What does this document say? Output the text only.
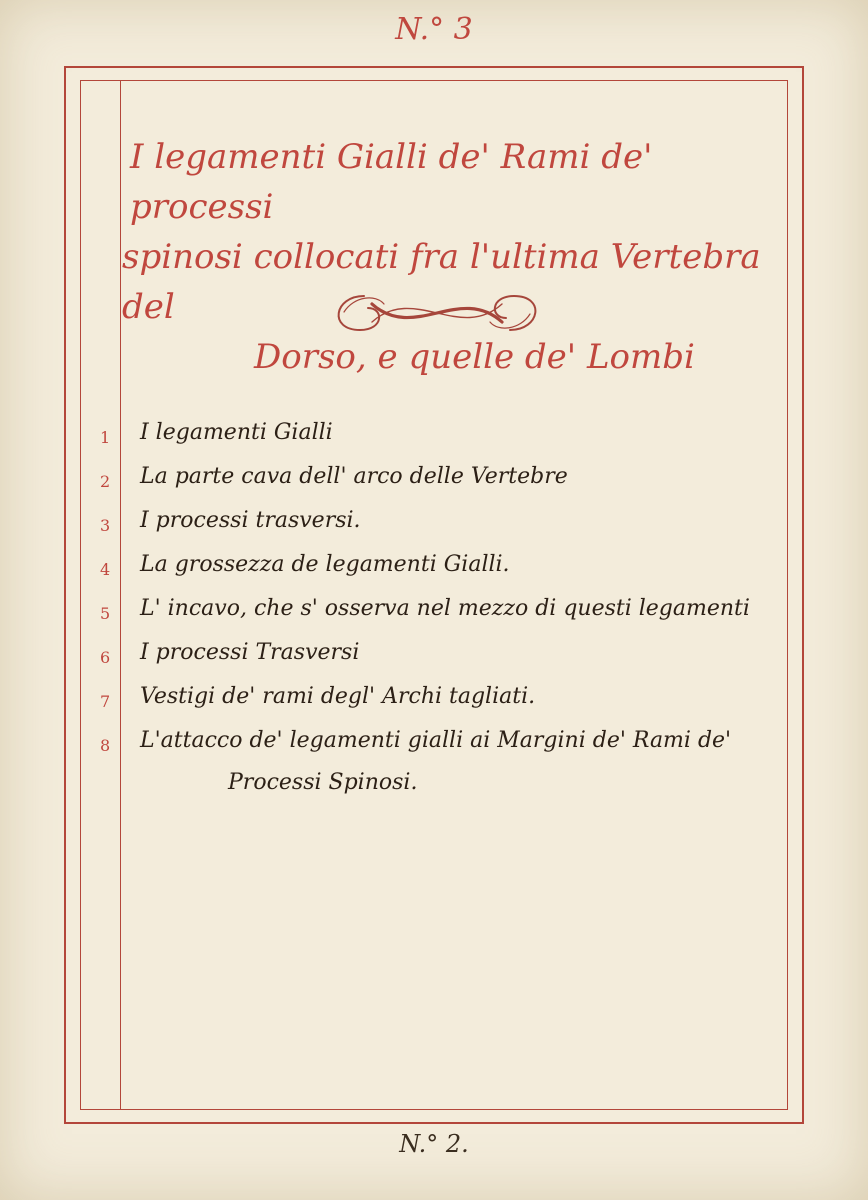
N.° 3
I legamenti Gialli de' Rami de' processi
spinosi collocati fra l'ultima Vertebra del
Dorso, e quelle de' Lombi
1	I legamenti Gialli
2	La parte cava dell' arco delle Vertebre
3	I processi trasversi.
4	La grossezza de legamenti Gialli.
5	L' incavo, che s' osserva nel mezzo di questi legamenti
6	I processi Trasversi
7	Vestigi de' rami degl' Archi tagliati.
8	L'attacco de' legamenti gialli ai Margini de' Rami de'
Processi Spinosi.
N.° 2.
